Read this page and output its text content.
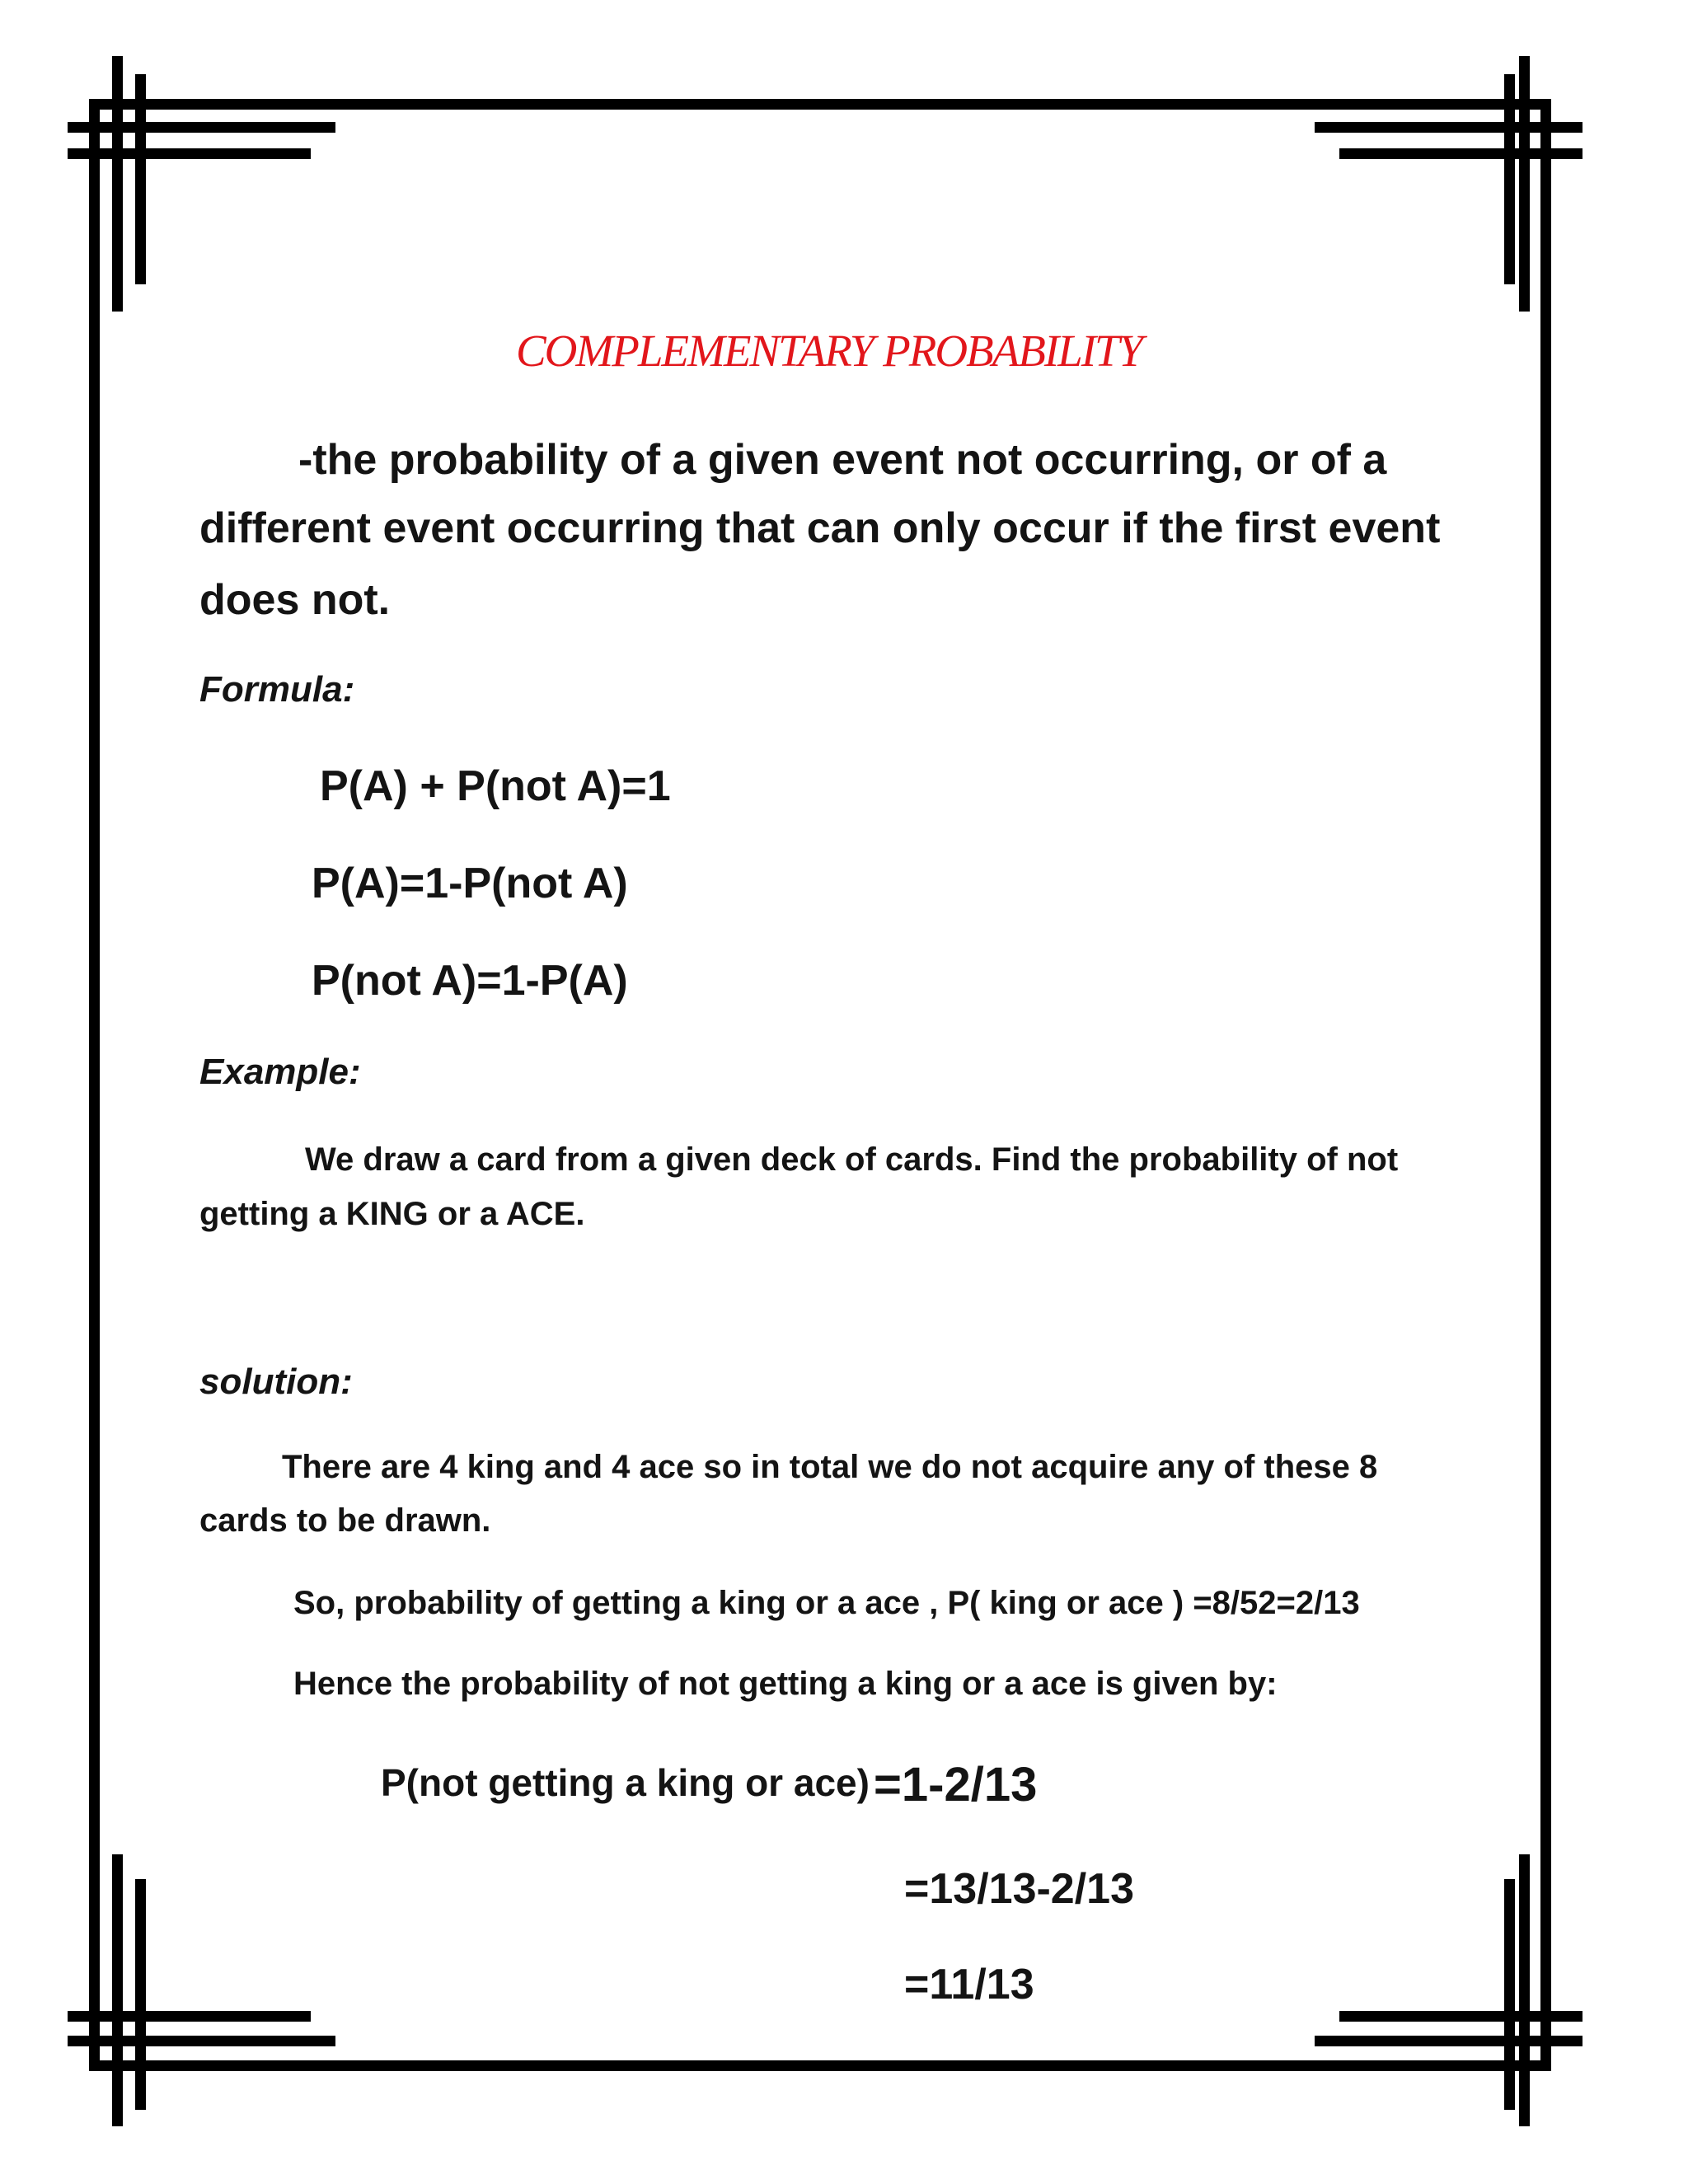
COMPLEMENTARY PROBABILITY
-the probability of a given event not occurring, or of a
different event occurring that can only occur if the first event
does not.
Formula:
P(A) + P(not A)=1
P(A)=1-P(not A)
P(not A)=1-P(A)
Example:
We draw a card from a given deck of cards. Find the probability of not
getting a KING or a ACE.
solution:
There are 4 king and 4 ace so in total we do not acquire any of these 8
cards to be drawn.
So, probability of getting a king or a ace , P( king or ace ) =8/52=2/13
Hence the probability of not getting a king or a ace is given by:
P(not getting a king or ace) =1-2/13
=13/13-2/13
=11/13
